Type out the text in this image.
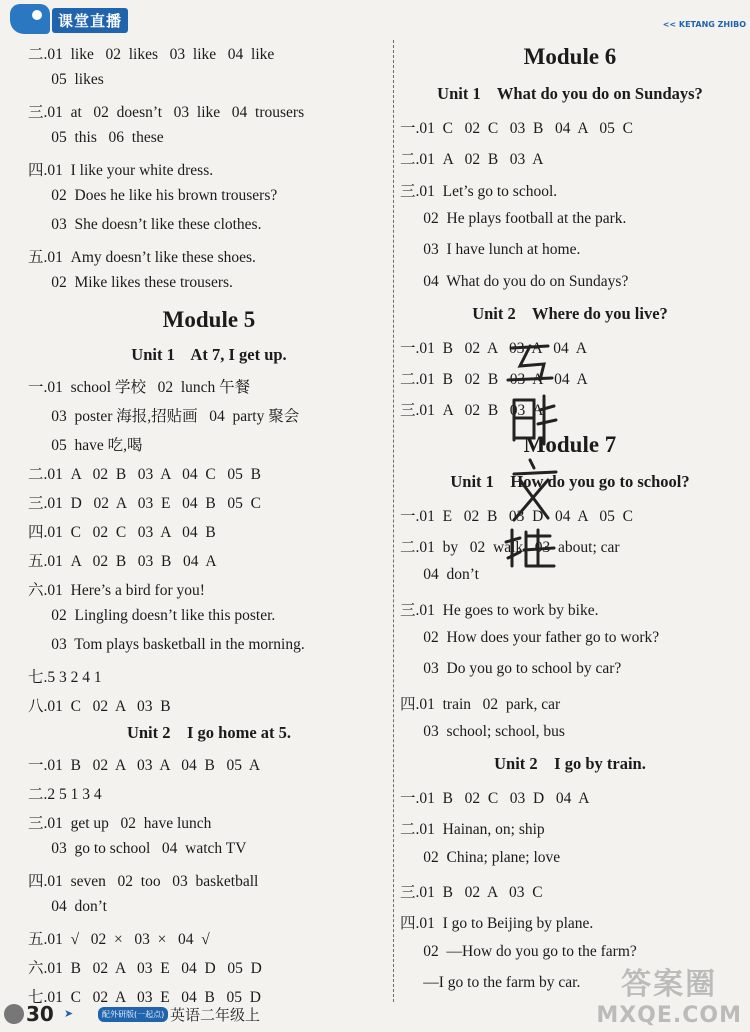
课堂直播	<< KETANG ZHIBO
二.01  like   02  likes   03  like   04  like
05  likes
三.01  at   02  doesn’t   03  like   04  trousers
05  this   06  these
四.01  I like your white dress.
02  Does he like his brown trousers?
03  She doesn’t like these clothes.
五.01  Amy doesn’t like these shoes.
02  Mike likes these trousers.
Module 5
Unit 1    At 7, I get up.
一.01  school 学校   02  lunch 午餐
03  poster 海报,招贴画   04  party 聚会
05  have 吃,喝
二.01  A   02  B   03  A   04  C   05  B
三.01  D   02  A   03  E   04  B   05  C
四.01  C   02  C   03  A   04  B
五.01  A   02  B   03  B   04  A
六.01  Here’s a bird for you!
02  Lingling doesn’t like this poster.
03  Tom plays basketball in the morning.
七.5 3 2 4 1
八.01  C   02  A   03  B
Unit 2    I go home at 5.
一.01  B   02  A   03  A   04  B   05  A
二.2 5 1 3 4
三.01  get up   02  have lunch
03  go to school   04  watch TV
四.01  seven   02  too   03  basketball
04  don’t
五.01  √   02  ×   03  ×   04  √
六.01  B   02  A   03  E   04  D   05  D
七.01  C   02  A   03  E   04  B   05  D
Module 6
Unit 1    What do you do on Sundays?
一.01  C   02  C   03  B   04  A   05  C
二.01  A   02  B   03  A
三.01  Let’s go to school.
02  He plays football at the park.
03  I have lunch at home.
04  What do you do on Sundays?
Unit 2    Where do you live?
一.01  B   02  A   03  A   04  A
二.01  B   02  B   03  A   04  A
三.01  A   02  B   03  A
Module 7
Unit 1    How do you go to school?
一.01  E   02  B   03  D   04  A   05  C
二.01  by   02  walk   03  about; car
04  don’t
三.01  He goes to work by bike.
02  How does your father go to work?
03  Do you go to school by car?
四.01  train   02  park, car
03  school; school, bus
Unit 2    I go by train.
一.01  B   02  C   03  D   04  A
二.01  Hainan, on; ship
02  China; plane; love
三.01  B   02  A   03  C
四.01  I go to Beijing by plane.
02  —How do you go to the farm?
—I go to the farm by car.
30 ➤	配外研版(一起点) 英语二年级上
答案圈
MXQE.COM
